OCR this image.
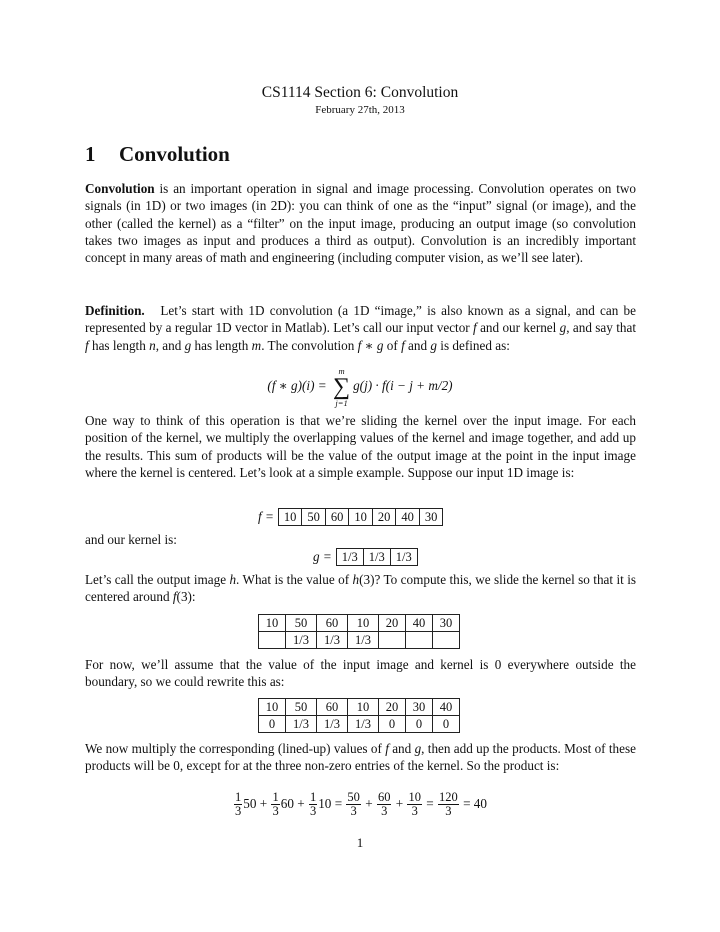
CS1114 Section 6: Convolution
February 27th, 2013
1 Convolution
Convolution is an important operation in signal and image processing. Convolution operates on two signals (in 1D) or two images (in 2D): you can think of one as the “input” signal (or image), and the other (called the kernel) as a “filter” on the input image, producing an output image (so convolution takes two images as input and produces a third as output). Convolution is an incredibly important concept in many areas of math and engineering (including computer vision, as we’ll see later).
Definition. Let’s start with 1D convolution (a 1D “image,” is also known as a signal, and can be represented by a regular 1D vector in Matlab). Let’s call our input vector f and our kernel g, and say that f has length n, and g has length m. The convolution f ∗ g of f and g is defined as:
(f ∗ g)(i) =
m
∑
j=1
g(j) · f(i − j + m/2)
One way to think of this operation is that we’re sliding the kernel over the input image. For each position of the kernel, we multiply the overlapping values of the kernel and image together, and add up the results. This sum of products will be the value of the output image at the point in the input image where the kernel is centered. Let’s look at a simple example. Suppose our input 1D image is:
f = 10	50	60	10	20	40	30
and our kernel is:
g = 1/3	1/3	1/3
Let’s call the output image h. What is the value of h(3)? To compute this, we slide the kernel so that it is centered around f(3):
10	50	60	10	20	40	30
	1/3	1/3	1/3			
For now, we’ll assume that the value of the input image and kernel is 0 everywhere outside the boundary, so we could rewrite this as:
10	50	60	10	20	30	40
0	1/3	1/3	1/3	0	0	0
We now multiply the corresponding (lined-up) values of f and g, then add up the products. Most of these products will be 0, except for at the three non-zero entries of the kernel. So the product is:
$\frac{1}{3} 50 + \frac{1}{3} 60 + \frac{1}{3} 10 = \frac{50}{3} + \frac{60}{3} + \frac{10}{3} = \frac{120}{3} = 40$
1
